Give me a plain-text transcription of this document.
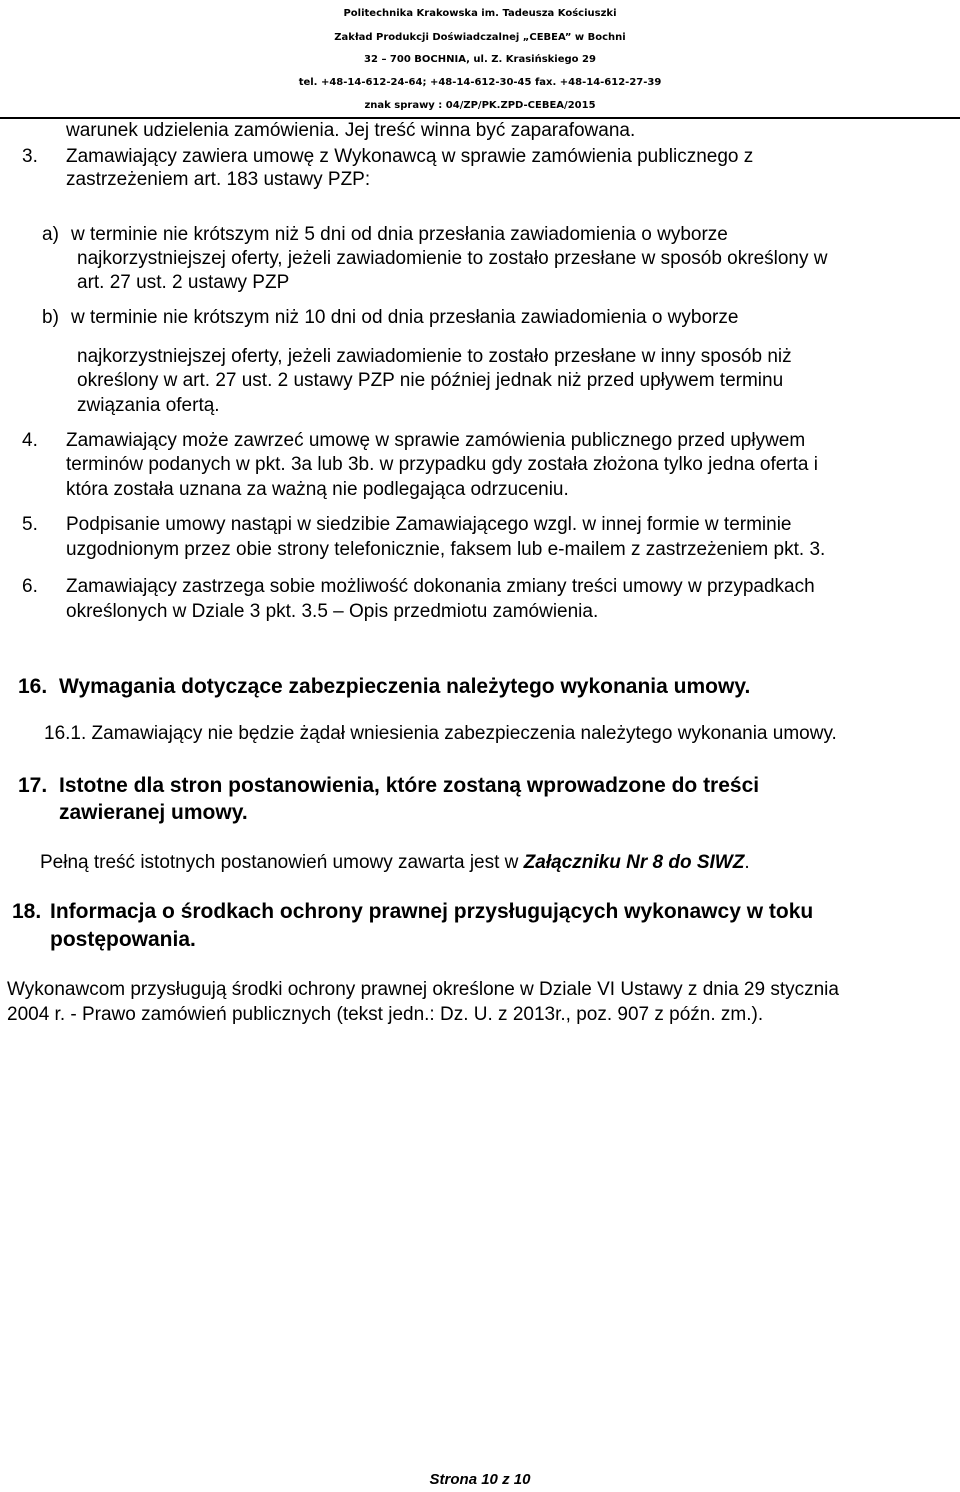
Politechnika Krakowska im. Tadeusza Kościuszki
Zakład Produkcji Doświadczalnej „CEBEA” w Bochni
32 – 700 BOCHNIA, ul. Z. Krasińskiego 29
tel. +48-14-612-24-64; +48-14-612-30-45 fax. +48-14-612-27-39
znak sprawy : 04/ZP/PK.ZPD-CEBEA/2015
warunek udzielenia zamówienia. Jej treść winna być zaparafowana.
3. Zamawiający zawiera umowę z Wykonawcą w sprawie zamówienia publicznego z
zastrzeżeniem art. 183 ustawy PZP:
a) w terminie nie krótszym niż 5 dni od dnia przesłania zawiadomienia o wyborze
najkorzystniejszej oferty, jeżeli zawiadomienie to zostało przesłane w sposób określony w
art. 27 ust. 2 ustawy PZP
b) w terminie nie krótszym niż 10 dni od dnia przesłania zawiadomienia o wyborze
najkorzystniejszej oferty, jeżeli zawiadomienie to zostało przesłane w inny sposób niż
określony w art. 27 ust. 2 ustawy PZP nie później jednak niż przed upływem terminu
związania ofertą.
4. Zamawiający może zawrzeć umowę w sprawie zamówienia publicznego przed upływem
terminów podanych w pkt. 3a lub 3b. w przypadku gdy została złożona tylko jedna oferta i
która została uznana za ważną nie podlegająca odrzuceniu.
5. Podpisanie umowy nastąpi w siedzibie Zamawiającego wzgl. w innej formie w terminie
uzgodnionym przez obie strony telefonicznie, faksem lub e-mailem z zastrzeżeniem pkt. 3.
6. Zamawiający zastrzega sobie możliwość dokonania zmiany treści umowy w przypadkach
określonych w Dziale 3 pkt. 3.5 – Opis przedmiotu zamówienia.
16. Wymagania dotyczące zabezpieczenia należytego wykonania umowy.
16.1. Zamawiający nie będzie żądał wniesienia zabezpieczenia należytego wykonania umowy.
17. Istotne dla stron postanowienia, które zostaną wprowadzone do treści
zawieranej umowy.
Pełną treść istotnych postanowień umowy zawarta jest w Załączniku Nr 8 do SIWZ.
18. Informacja o środkach ochrony prawnej przysługujących wykonawcy w toku
postępowania.
Wykonawcom przysługują środki ochrony prawnej określone w Dziale VI Ustawy z dnia 29 stycznia
2004 r. - Prawo zamówień publicznych (tekst jedn.: Dz. U. z 2013r., poz. 907 z późn. zm.).
Strona 10 z 10
